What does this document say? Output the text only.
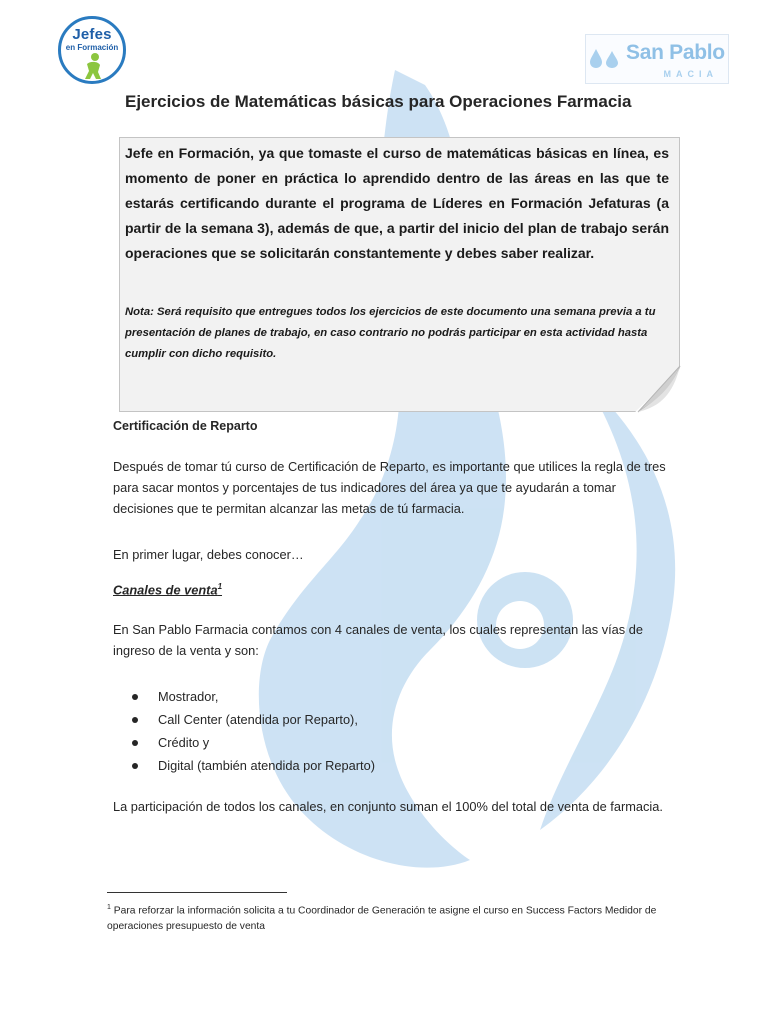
Jefes
en Formación	San Pablo
MACIA
Ejercicios de Matemáticas básicas para Operaciones Farmacia

Jefe en Formación, ya que tomaste el curso de matemáticas básicas en línea, es momento de poner en práctica lo aprendido dentro de las áreas en las que te estarás certificando durante el programa de Líderes en Formación Jefaturas (a partir de la semana 3), además de que, a partir del inicio del plan de trabajo serán operaciones que se solicitarán constantemente y debes saber realizar.

Nota: Será requisito que entregues todos los ejercicios de este documento una semana previa a tu presentación de planes de trabajo, en caso contrario no podrás participar en esta actividad hasta cumplir con dicho requisito.

Certificación de Reparto

Después de tomar tú curso de Certificación de Reparto, es importante que utilices la regla de tres para sacar montos y porcentajes de tus indicadores del área ya que te ayudarán a tomar decisiones que te permitan alcanzar las metas de tú farmacia.

En primer lugar, debes conocer…

Canales de venta$^1$

En San Pablo Farmacia contamos con 4 canales de venta, los cuales representan las vías de ingreso de la venta y son:

Mostrador,
Call Center (atendida por Reparto),
Crédito y
Digital (también atendida por Reparto)

La participación de todos los canales, en conjunto suman el 100% del total de venta de farmacia.

$^1$ Para reforzar la información solicita a tu Coordinador de Generación te asigne el curso en Success Factors Medidor de operaciones presupuesto de venta
